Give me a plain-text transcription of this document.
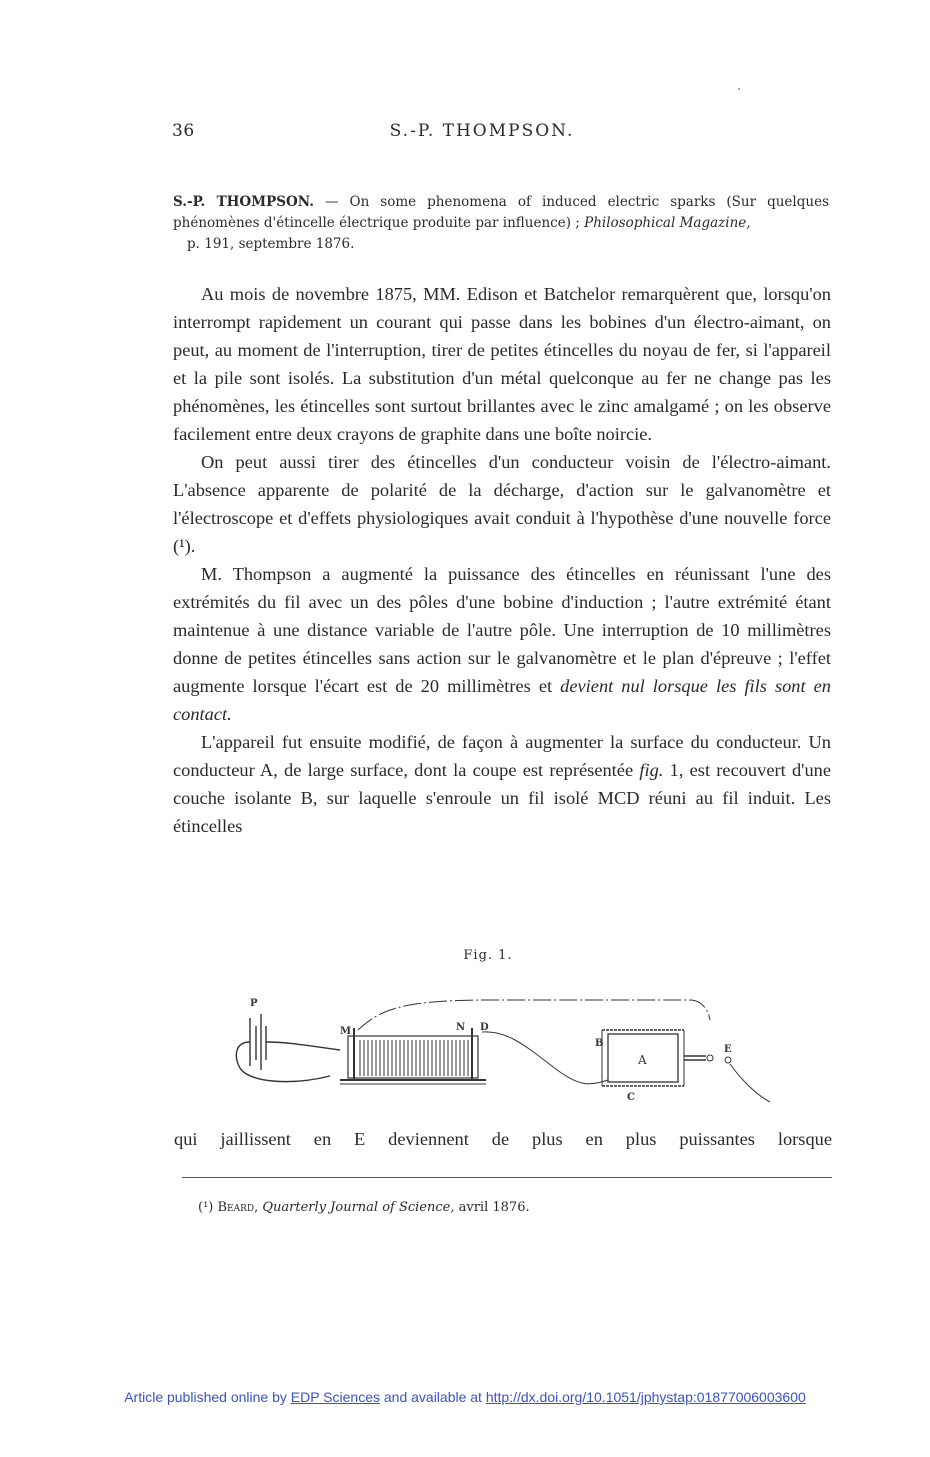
36	S.-P. THOMPSON.
S.-P. THOMPSON. — On some phenomena of induced electric sparks (Sur quelques phénomènes d'étincelle électrique produite par influence) ; Philosophical Magazine,
p. 191, septembre 1876.

Au mois de novembre 1875, MM. Edison et Batchelor remarquèrent que, lorsqu'on interrompt rapidement un courant qui passe dans les bobines d'un électro-aimant, on peut, au moment de l'interruption, tirer de petites étincelles du noyau de fer, si l'appareil et la pile sont isolés. La substitution d'un métal quelconque au fer ne change pas les phénomènes, les étincelles sont surtout brillantes avec le zinc amalgamé ; on les observe facilement entre deux crayons de graphite dans une boîte noircie.

On peut aussi tirer des étincelles d'un conducteur voisin de l'électro-aimant. L'absence apparente de polarité de la décharge, d'action sur le galvanomètre et l'électroscope et d'effets physiologiques avait conduit à l'hypothèse d'une nouvelle force (¹).

M. Thompson a augmenté la puissance des étincelles en réunissant l'une des extrémités du fil avec un des pôles d'une bobine d'induction ; l'autre extrémité étant maintenue à une distance variable de l'autre pôle. Une interruption de 10 millimètres donne de petites étincelles sans action sur le galvanomètre et le plan d'épreuve ; l'effet augmente lorsque l'écart est de 20 millimètres et devient nul lorsque les fils sont en contact.

L'appareil fut ensuite modifié, de façon à augmenter la surface du conducteur. Un conducteur A, de large surface, dont la coupe est représentée fig. 1, est recouvert d'une couche isolante B, sur laquelle s'enroule un fil isolé MCD réuni au fil induit. Les étincelles

Fig. 1.
P
M	N D
B
A
C
E
qui jaillissent en E deviennent de plus en plus puissantes lorsque
(¹) Beard, Quarterly Journal of Science, avril 1876.
Article published online by EDP Sciences and available at http://dx.doi.org/10.1051/jphystap:01877006003600
